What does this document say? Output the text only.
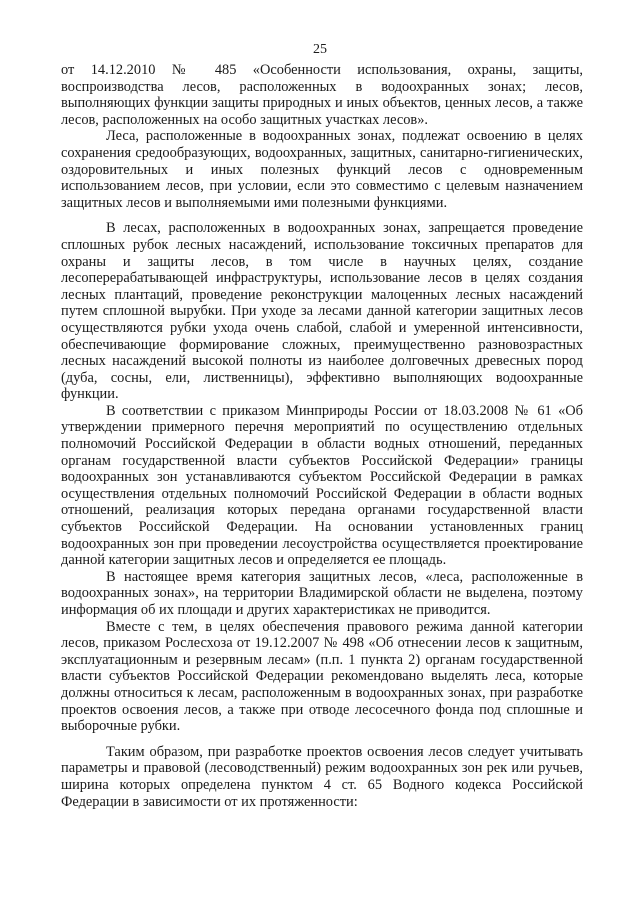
25

от 14.12.2010 № 485 «Особенности использования, охраны, защиты, воспроизводства лесов, расположенных в водоохранных зонах; лесов, выполняющих функции защиты природных и иных объектов, ценных лесов, а также лесов, расположенных на особо защитных участках лесов».

Леса, расположенные в водоохранных зонах, подлежат освоению в целях сохранения средообразующих, водоохранных, защитных, санитарно-гигиенических, оздоровительных и иных полезных функций лесов с одновременным использованием лесов, при условии, если это совместимо с целевым назначением защитных лесов и выполняемыми ими полезными функциями.

В лесах, расположенных в водоохранных зонах, запрещается проведение сплошных рубок лесных насаждений, использование токсичных препаратов для охраны и защиты лесов, в том числе в научных целях, создание лесоперерабатывающей инфраструктуры, использование лесов в целях создания лесных плантаций, проведение реконструкции малоценных лесных насаждений путем сплошной вырубки. При уходе за лесами данной категории защитных лесов осуществляются рубки ухода очень слабой, слабой и умеренной интенсивности, обеспечивающие формирование сложных, преимущественно разновозрастных лесных насаждений высокой полноты из наиболее долговечных древесных пород (дуба, сосны, ели, лиственницы), эффективно выполняющих водоохранные функции.

В соответствии с приказом Минприроды России от 18.03.2008 № 61 «Об утверждении примерного перечня мероприятий по осуществлению отдельных полномочий Российской Федерации в области водных отношений, переданных органам государственной власти субъектов Российской Федерации» границы водоохранных зон устанавливаются субъектом Российской Федерации в рамках осуществления отдельных полномочий Российской Федерации в области водных отношений, реализация которых передана органами государственной власти субъектов Российской Федерации. На основании установленных границ водоохранных зон при проведении лесоустройства осуществляется проектирование данной категории защитных лесов и определяется ее площадь.

В настоящее время категория защитных лесов, «леса, расположенные в водоохранных зонах», на территории Владимирской области не выделена, поэтому информация об их площади и других характеристиках не приводится.

Вместе с тем, в целях обеспечения правового режима данной категории лесов, приказом Рослесхоза от 19.12.2007 № 498 «Об отнесении лесов к защитным, эксплуатационным и резервным лесам» (п.п. 1 пункта 2) органам государственной власти субъектов Российской Федерации рекомендовано выделять леса, которые должны относиться к лесам, расположенным в водоохранных зонах, при разработке проектов освоения лесов, а также при отводе лесосечного фонда под сплошные и выборочные рубки.

Таким образом, при разработке проектов освоения лесов следует учитывать параметры и правовой (лесоводственный) режим водоохранных зон рек или ручьев, ширина которых определена пунктом 4 ст. 65 Водного кодекса Российской Федерации в зависимости от их протяженности:
